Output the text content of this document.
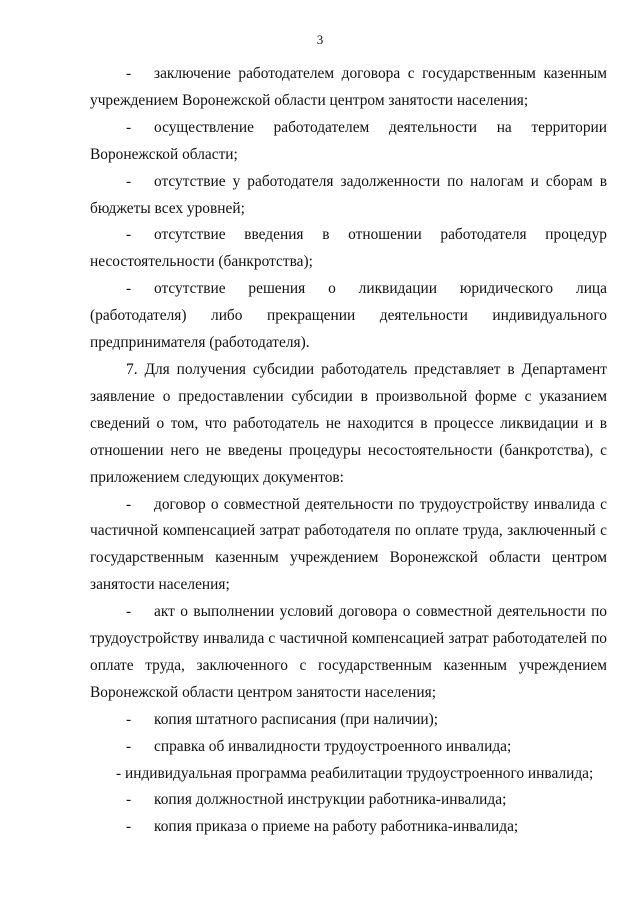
3

- заключение работодателем договора с государственным казенным учреждением Воронежской области центром занятости населения;

- осуществление работодателем деятельности на территории Воронежской области;

- отсутствие у работодателя задолженности по налогам и сборам в бюджеты всех уровней;

- отсутствие введения в отношении работодателя процедур несостоятельности (банкротства);

- отсутствие решения о ликвидации юридического лица (работодателя) либо прекращении деятельности индивидуального предпринимателя (работодателя).

7. Для получения субсидии работодатель представляет в Департамент заявление о предоставлении субсидии в произвольной форме с указанием сведений о том, что работодатель не находится в процессе ликвидации и в отношении него не введены процедуры несостоятельности (банкротства), с приложением следующих документов:

- договор о совместной деятельности по трудоустройству инвалида с частичной компенсацией затрат работодателя по оплате труда, заключенный с государственным казенным учреждением Воронежской области центром занятости населения;

- акт о выполнении условий договора о совместной деятельности по трудоустройству инвалида с частичной компенсацией затрат работодателей по оплате труда, заключенного с государственным казенным учреждением Воронежской области центром занятости населения;

- копия штатного расписания (при наличии);

- справка об инвалидности трудоустроенного инвалида;

- индивидуальная программа реабилитации трудоустроенного инвалида;

- копия должностной инструкции работника-инвалида;

- копия приказа о приеме на работу работника-инвалида;
